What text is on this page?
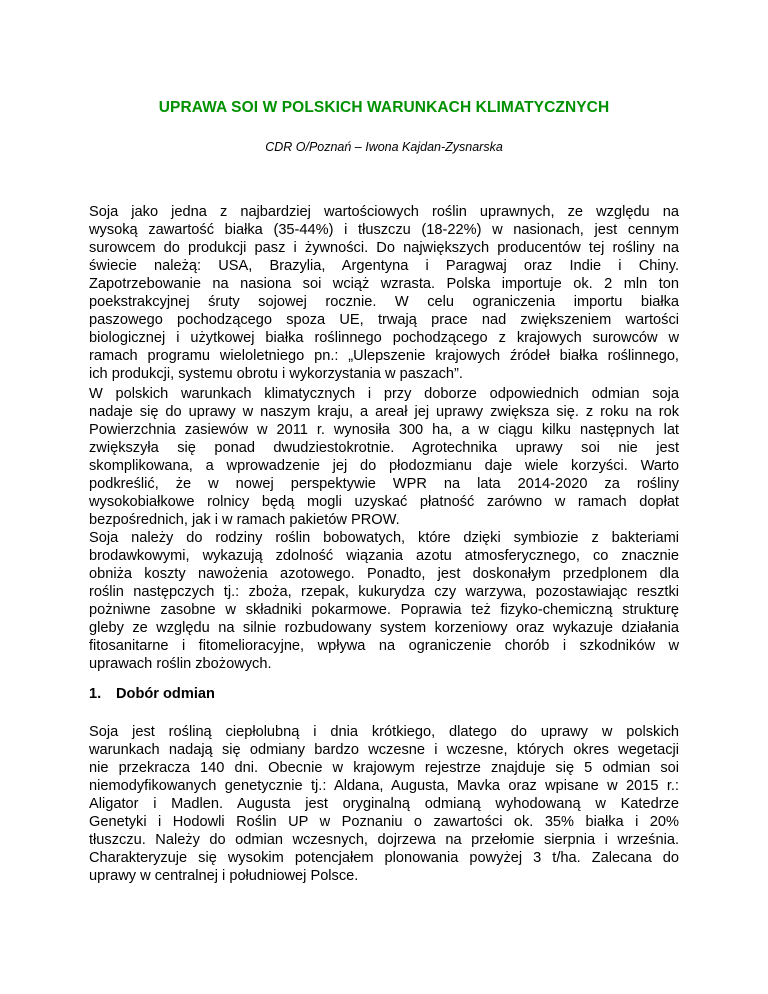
UPRAWA SOI W POLSKICH WARUNKACH KLIMATYCZNYCH
CDR O/Poznań – Iwona Kajdan-Zysnarska
Soja jako jedna z najbardziej wartościowych roślin uprawnych, ze względu na
wysoką zawartość białka (35-44%) i tłuszczu (18-22%) w nasionach, jest cennym
surowcem do produkcji pasz i żywności. Do największych producentów tej rośliny na
świecie należą: USA, Brazylia, Argentyna i Paragwaj oraz Indie i Chiny.
Zapotrzebowanie na nasiona soi wciąż wzrasta. Polska importuje ok. 2 mln ton
poekstrakcyjnej śruty sojowej rocznie. W celu ograniczenia importu białka
paszowego pochodzącego spoza UE, trwają prace nad zwiększeniem wartości
biologicznej i użytkowej białka roślinnego pochodzącego z krajowych surowców w
ramach programu wieloletniego pn.: „Ulepszenie krajowych źródeł białka roślinnego,
ich produkcji, systemu obrotu i wykorzystania w paszach”.
W polskich warunkach klimatycznych i przy doborze odpowiednich odmian soja
nadaje się do uprawy w naszym kraju, a areał jej uprawy zwiększa się. z roku na rok
Powierzchnia zasiewów w 2011 r. wynosiła 300 ha, a w ciągu kilku następnych lat
zwiększyła się ponad dwudziestokrotnie. Agrotechnika uprawy soi nie jest
skomplikowana, a wprowadzenie jej do płodozmianu daje wiele korzyści. Warto
podkreślić, że w nowej perspektywie WPR na lata 2014-2020 za rośliny
wysokobiałkowe rolnicy będą mogli uzyskać płatność zarówno w ramach dopłat
bezpośrednich, jak i w ramach pakietów PROW.
Soja należy do rodziny roślin bobowatych, które dzięki symbiozie z bakteriami
brodawkowymi, wykazują zdolność wiązania azotu atmosferycznego, co znacznie
obniża koszty nawożenia azotowego. Ponadto, jest doskonałym przedplonem dla
roślin następczych tj.: zboża, rzepak, kukurydza czy warzywa, pozostawiając resztki
pożniwne zasobne w składniki pokarmowe. Poprawia też fizyko-chemiczną strukturę
gleby ze względu na silnie rozbudowany system korzeniowy oraz wykazuje działania
fitosanitarne i fitomelioracyjne, wpływa na ograniczenie chorób i szkodników w
uprawach roślin zbożowych.
1. Dobór odmian
Soja jest rośliną ciepłolubną i dnia krótkiego, dlatego do uprawy w polskich
warunkach nadają się odmiany bardzo wczesne i wczesne, których okres wegetacji
nie przekracza 140 dni. Obecnie w krajowym rejestrze znajduje się 5 odmian soi
niemodyfikowanych genetycznie tj.: Aldana, Augusta, Mavka oraz wpisane w 2015 r.:
Aligator i Madlen. Augusta jest oryginalną odmianą wyhodowaną w Katedrze
Genetyki i Hodowli Roślin UP w Poznaniu o zawartości ok. 35% białka i 20%
tłuszczu. Należy do odmian wczesnych, dojrzewa na przełomie sierpnia i września.
Charakteryzuje się wysokim potencjałem plonowania powyżej 3 t/ha. Zalecana do
uprawy w centralnej i południowej Polsce.
